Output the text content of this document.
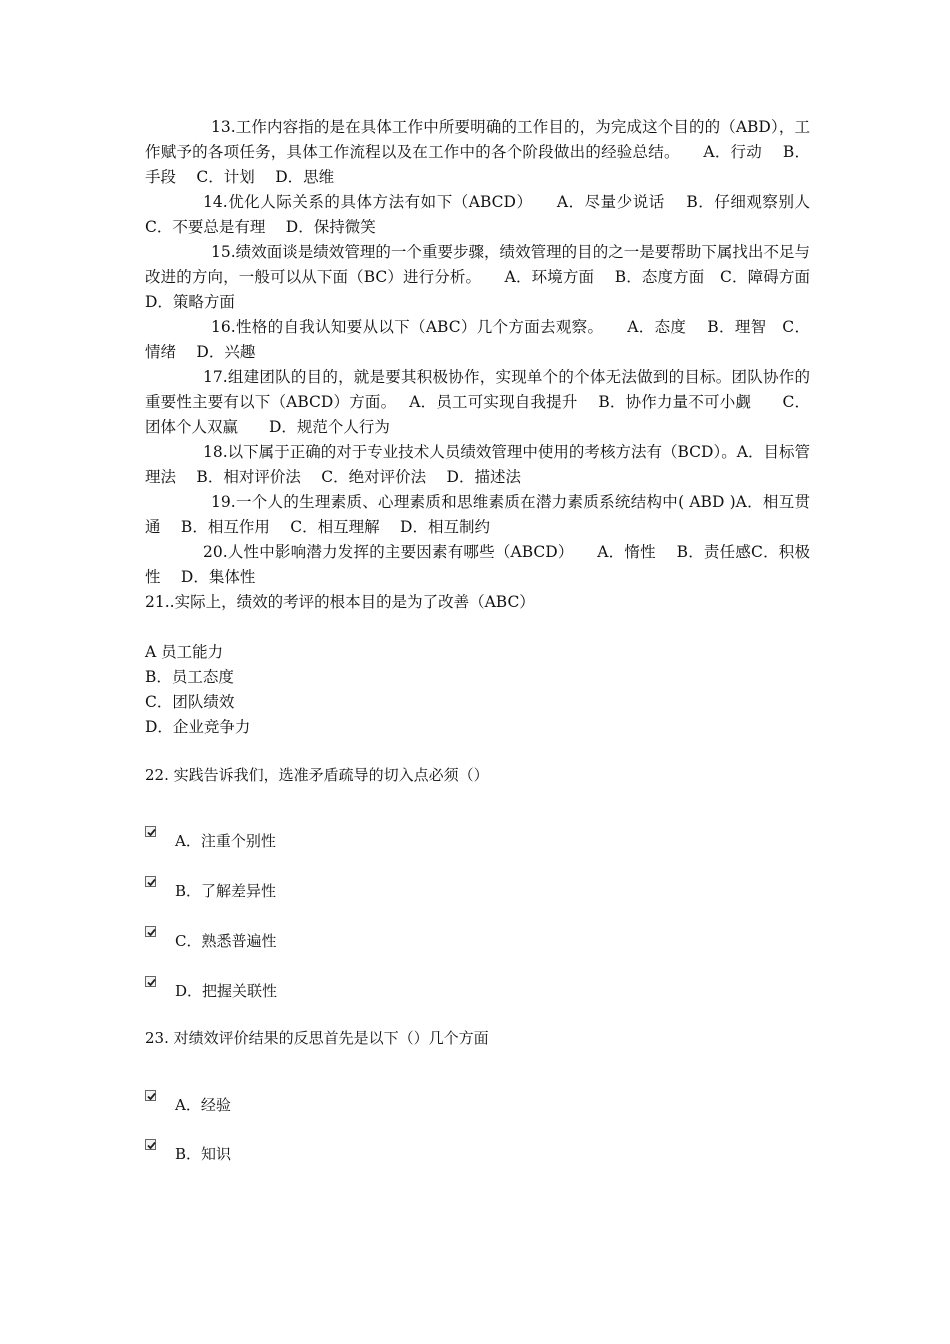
13.工作内容指的是在具体工作中所要明确的工作目的，为完成这个目的的（ABD），工作赋予的各项任务，具体工作流程以及在工作中的各个阶段做出的经验总结。　　A．行动　 B．手段　 C．计划　 D．思维

14.优化人际关系的具体方法有如下（ABCD）　　A．尽量少说话　 B．仔细观察别人　 C．不要总是有理　 D．保持微笑

15.绩效面谈是绩效管理的一个重要步骤，绩效管理的目的之一是要帮助下属找出不足与改进的方向，一般可以从下面（BC）进行分析。　　A．环境方面　 B．态度方面　C．障碍方面　 D．策略方面

16.性格的自我认知要从以下（ABC）几个方面去观察。　　A．态度　 B．理智　C．情绪　 D．兴趣

17.组建团队的目的，就是要其积极协作，实现单个的个体无法做到的目标。团队协作的重要性主要有以下（ABCD）方面。　 A．员工可实现自我提升　 B．协作力量不可小觑　　C．团体个人双赢　　D．规范个人行为

18.以下属于正确的对于专业技术人员绩效管理中使用的考核方法有（BCD）。A．目标管理法　 B．相对评价法　 C．绝对评价法　 D．描述法

19.一个人的生理素质、心理素质和思维素质在潜力素质系统结构中( ABD )A．相互贯通　 B．相互作用　 C．相互理解　 D．相互制约

20.人性中影响潜力发挥的主要因素有哪些（ABCD）　　A．惰性　 B．责任感C．积极性　 D．集体性

21..实际上，绩效的考评的根本目的是为了改善（ABC）

A 员工能力
B．员工态度
C．团队绩效
D．企业竞争力
22. 实践告诉我们，选准矛盾疏导的切入点必须（）
A．注重个别性
B．了解差异性
C．熟悉普遍性
D．把握关联性
23. 对绩效评价结果的反思首先是以下（）几个方面
A．经验
B．知识
